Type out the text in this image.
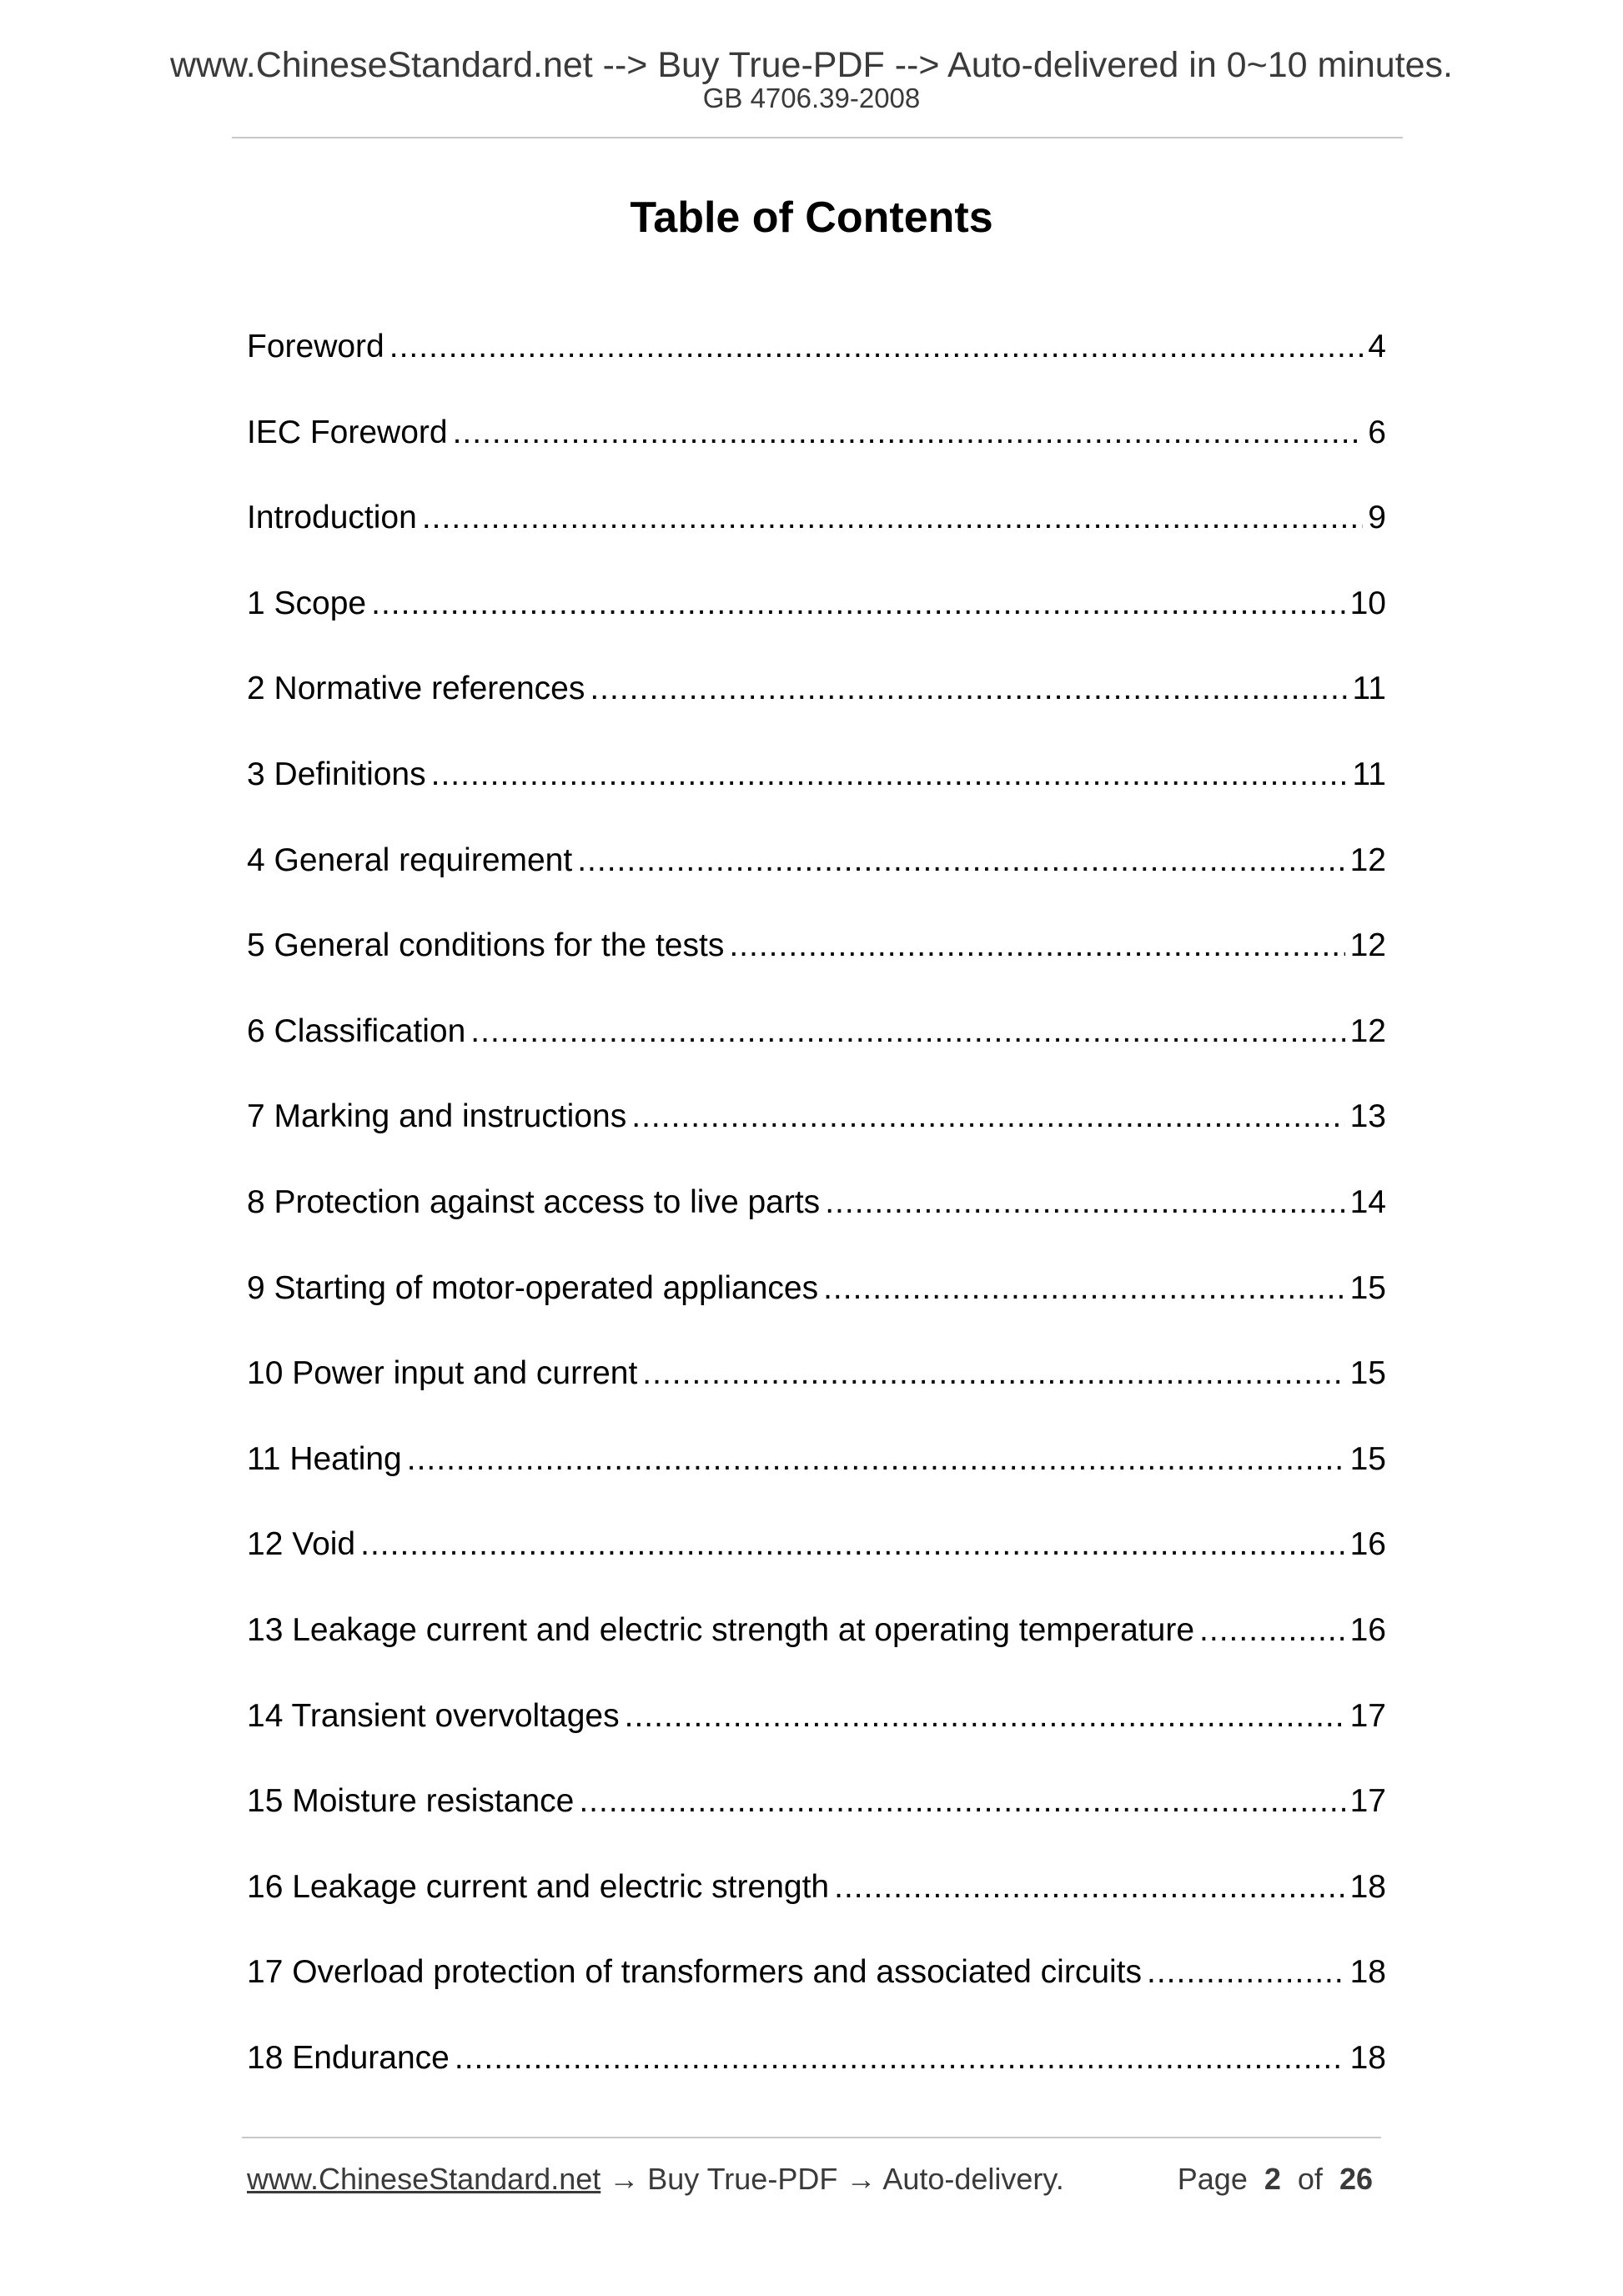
www.ChineseStandard.net --> Buy True-PDF --> Auto-delivered in 0~10 minutes.
GB 4706.39-2008
Table of Contents
Foreword .....	4
IEC Foreword .....	6
Introduction .....	9
1 Scope .....	10
2 Normative references .....	11
3 Definitions .....	11
4 General requirement .....	12
5 General conditions for the tests .....	12
6 Classification .....	12
7 Marking and instructions .....	13
8 Protection against access to live parts .....	14
9 Starting of motor-operated appliances .....	15
10 Power input and current .....	15
11 Heating .....	15
12 Void .....	16
13 Leakage current and electric strength at operating temperature .....	16
14 Transient overvoltages .....	17
15 Moisture resistance .....	17
16 Leakage current and electric strength .....	18
17 Overload protection of transformers and associated circuits .....	18
18 Endurance .....	18
www.ChineseStandard.net → Buy True-PDF → Auto-delivery.	Page 2 of 26
